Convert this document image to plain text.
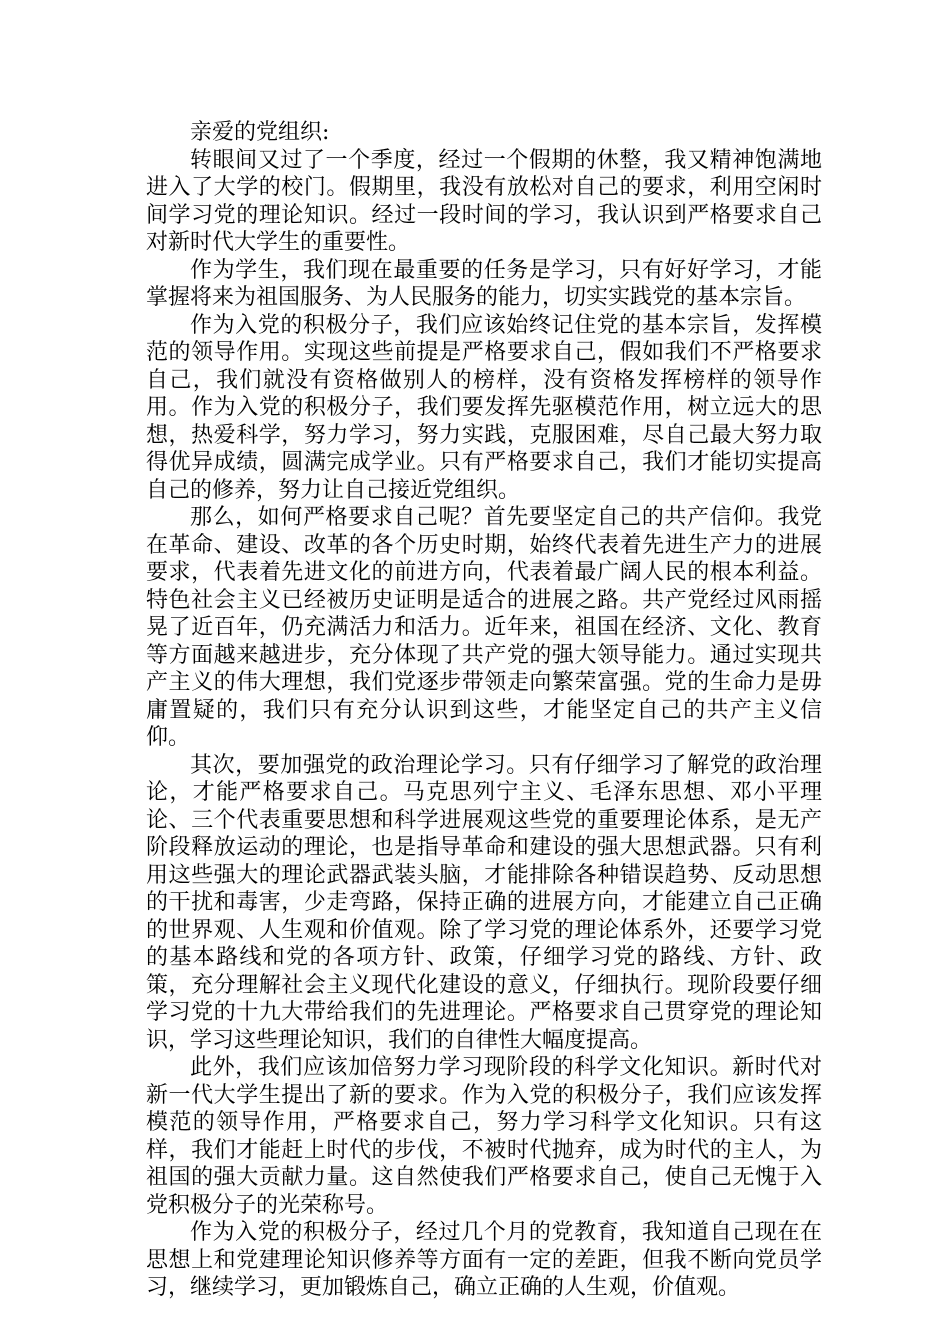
亲爱的党组织:

转眼间又过了一个季度，经过一个假期的休整，我又精神饱满地进入了大学的校门。假期里，我没有放松对自己的要求，利用空闲时间学习党的理论知识。经过一段时间的学习，我认识到严格要求自己对新时代大学生的重要性。

作为学生，我们现在最重要的任务是学习，只有好好学习，才能掌握将来为祖国服务、为人民服务的能力，切实实践党的基本宗旨。

作为入党的积极分子，我们应该始终记住党的基本宗旨，发挥模范的领导作用。实现这些前提是严格要求自己，假如我们不严格要求自己，我们就没有资格做别人的榜样，没有资格发挥榜样的领导作用。作为入党的积极分子，我们要发挥先驱模范作用，树立远大的思想，热爱科学，努力学习，努力实践，克服困难，尽自己最大努力取得优异成绩，圆满完成学业。只有严格要求自己，我们才能切实提高自己的修养，努力让自己接近党组织。

那么，如何严格要求自己呢？首先要坚定自己的共产信仰。我党在革命、建设、改革的各个历史时期，始终代表着先进生产力的进展要求，代表着先进文化的前进方向，代表着最广阔人民的根本利益。特色社会主义已经被历史证明是适合的进展之路。共产党经过风雨摇晃了近百年，仍充满活力和活力。近年来，祖国在经济、文化、教育等方面越来越进步，充分体现了共产党的强大领导能力。通过实现共产主义的伟大理想，我们党逐步带领走向繁荣富强。党的生命力是毋庸置疑的，我们只有充分认识到这些，才能坚定自己的共产主义信仰。

其次，要加强党的政治理论学习。只有仔细学习了解党的政治理论，才能严格要求自己。马克思列宁主义、毛泽东思想、邓小平理论、三个代表重要思想和科学进展观这些党的重要理论体系，是无产阶段释放运动的理论，也是指导革命和建设的强大思想武器。只有利用这些强大的理论武器武装头脑，才能排除各种错误趋势、反动思想的干扰和毒害，少走弯路，保持正确的进展方向，才能建立自己正确的世界观、人生观和价值观。除了学习党的理论体系外，还要学习党的基本路线和党的各项方针、政策，仔细学习党的路线、方针、政策，充分理解社会主义现代化建设的意义，仔细执行。现阶段要仔细学习党的十九大带给我们的先进理论。严格要求自己贯穿党的理论知识，学习这些理论知识，我们的自律性大幅度提高。

此外，我们应该加倍努力学习现阶段的科学文化知识。新时代对新一代大学生提出了新的要求。作为入党的积极分子，我们应该发挥模范的领导作用，严格要求自己，努力学习科学文化知识。只有这样，我们才能赶上时代的步伐，不被时代抛弃，成为时代的主人，为祖国的强大贡献力量。这自然使我们严格要求自己，使自己无愧于入党积极分子的光荣称号。

作为入党的积极分子，经过几个月的党教育，我知道自己现在在思想上和党建理论知识修养等方面有一定的差距，但我不断向党员学习，继续学习，更加锻炼自己，确立正确的人生观，价值观。
